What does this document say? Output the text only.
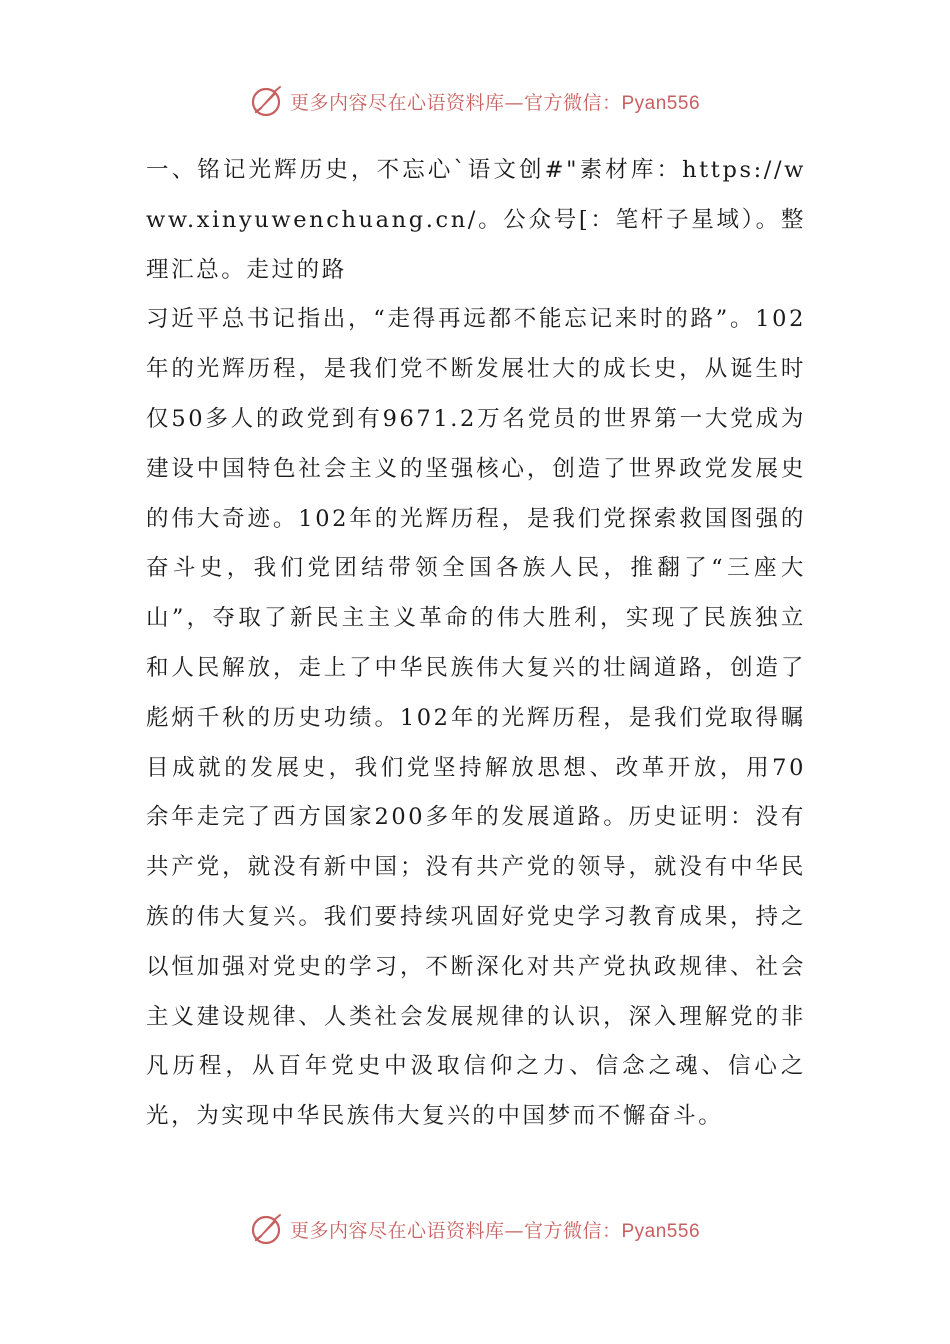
更多内容尽在心语资料库—官方微信：Pyan556

一、铭记光辉历史，不忘心`语文创#"素材库：https://www.xinyuwenchuang.cn/。公众号[：笔杆子星域）。整理汇总。走过的路

习近平总书记指出，“走得再远都不能忘记来时的路”。102年的光辉历程，是我们党不断发展壮大的成长史，从诞生时仅50多人的政党到有9671.2万名党员的世界第一大党成为建设中国特色社会主义的坚强核心，创造了世界政党发展史的伟大奇迹。102年的光辉历程，是我们党探索救国图强的奋斗史，我们党团结带领全国各族人民，推翻了“三座大山”，夺取了新民主主义革命的伟大胜利，实现了民族独立和人民解放，走上了中华民族伟大复兴的壮阔道路，创造了彪炳千秋的历史功绩。102年的光辉历程，是我们党取得瞩目成就的发展史，我们党坚持解放思想、改革开放，用70余年走完了西方国家200多年的发展道路。历史证明：没有共产党，就没有新中国；没有共产党的领导，就没有中华民族的伟大复兴。我们要持续巩固好党史学习教育成果，持之以恒加强对党史的学习，不断深化对共产党执政规律、社会主义建设规律、人类社会发展规律的认识，深入理解党的非凡历程，从百年党史中汲取信仰之力、信念之魂、信心之光，为实现中华民族伟大复兴的中国梦而不懈奋斗。

更多内容尽在心语资料库—官方微信：Pyan556
